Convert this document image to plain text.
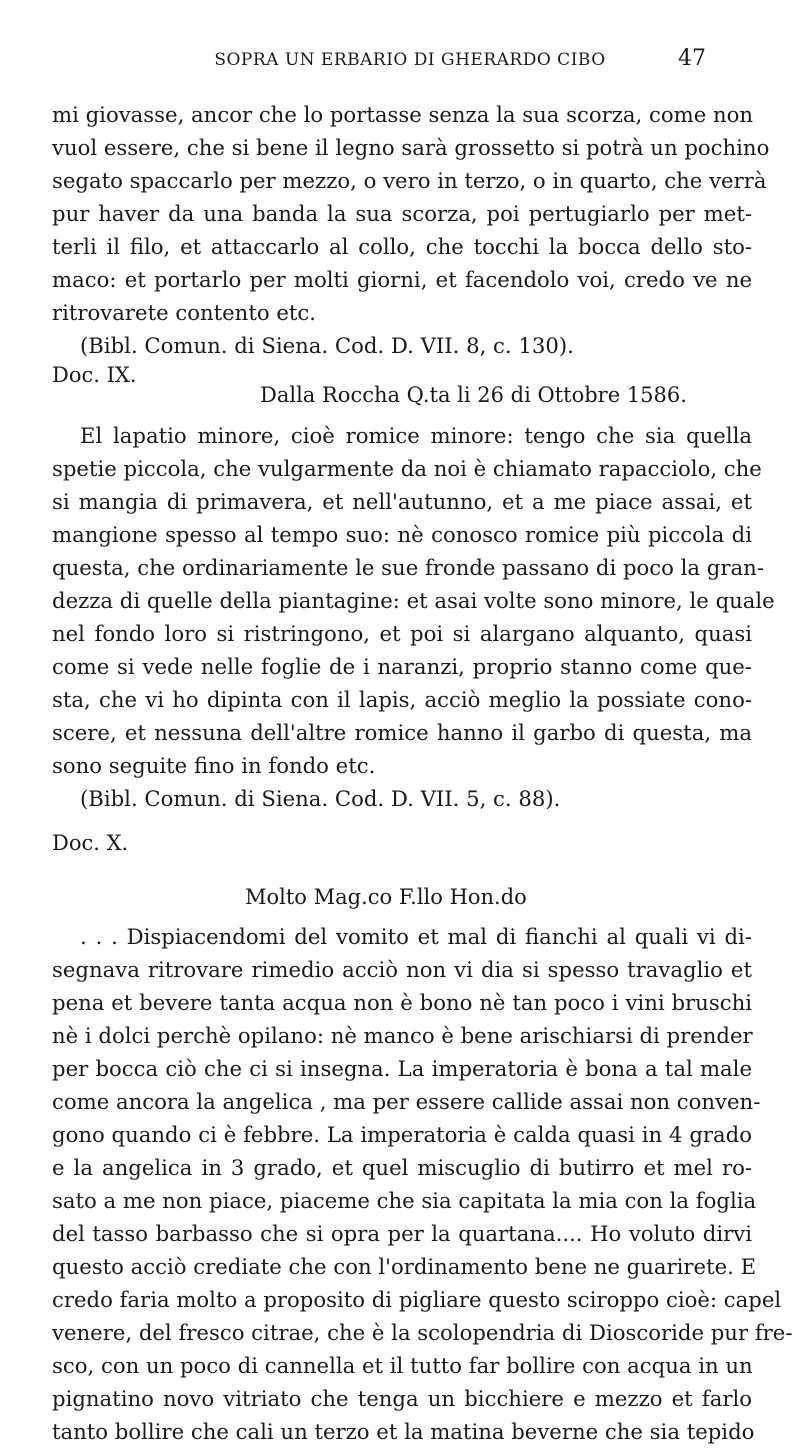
SOPRA UN ERBARIO DI GHERARDO CIBO	47
mi giovasse, ancor che lo portasse senza la sua scorza, come non
vuol essere, che si bene il legno sarà grossetto si potrà un pochino
segato spaccarlo per mezzo, o vero in terzo, o in quarto, che verrà
pur haver da una banda la sua scorza, poi pertugiarlo per met-
terli il filo, et attaccarlo al collo, che tocchi la bocca dello sto-
maco: et portarlo per molti giorni, et facendolo voi, credo ve ne
ritrovarete contento etc.
(Bibl. Comun. di Siena. Cod. D. VII. 8, c. 130).
Doc. IX.
Dalla Roccha Q.ta li 26 di Ottobre 1586.
El lapatio minore, cioè romice minore: tengo che sia quella
spetie piccola, che vulgarmente da noi è chiamato rapacciolo, che
si mangia di primavera, et nell'autunno, et a me piace assai, et
mangione spesso al tempo suo: nè conosco romice più piccola di
questa, che ordinariamente le sue fronde passano di poco la gran-
dezza di quelle della piantagine: et asai volte sono minore, le quale
nel fondo loro si ristringono, et poi si alargano alquanto, quasi
come si vede nelle foglie de i naranzi, proprio stanno come que-
sta, che vi ho dipinta con il lapis, acciò meglio la possiate cono-
scere, et nessuna dell'altre romice hanno il garbo di questa, ma
sono seguite fino in fondo etc.
(Bibl. Comun. di Siena. Cod. D. VII. 5, c. 88).
Doc. X.
Molto Mag.co F.llo Hon.do
. . . Dispiacendomi del vomito et mal di fianchi al quali vi di-
segnava ritrovare rimedio acciò non vi dia si spesso travaglio et
pena et bevere tanta acqua non è bono nè tan poco i vini bruschi
nè i dolci perchè opilano: nè manco è bene arischiarsi di prender
per bocca ciò che ci si insegna. La imperatoria è bona a tal male
come ancora la angelica , ma per essere callide assai non conven-
gono quando ci è febbre. La imperatoria è calda quasi in 4 grado
e la angelica in 3 grado, et quel miscuglio di butirro et mel ro-
sato a me non piace, piaceme che sia capitata la mia con la foglia
del tasso barbasso che si opra per la quartana.... Ho voluto dirvi
questo acciò crediate che con l'ordinamento bene ne guarirete. E
credo faria molto a proposito di pigliare questo sciroppo cioè: capel
venere, del fresco citrae, che è la scolopendria di Dioscoride pur fre-
sco, con un poco di cannella et il tutto far bollire con acqua in un
pignatino novo vitriato che tenga un bicchiere e mezzo et farlo
tanto bollire che cali un terzo et la matina beverne che sia tepido
